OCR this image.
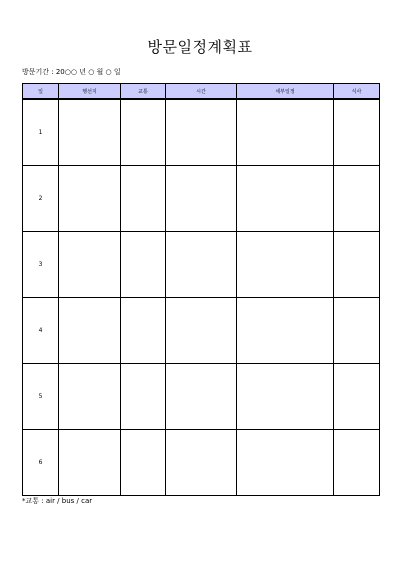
방문일정계획표
방문기간 : 20○○ 년 ○ 월 ○ 일
일	행선지	교통	시간	세부일정	식사
1					
2					
3					
4					
5					
6					
*교통 : air / bus / car
